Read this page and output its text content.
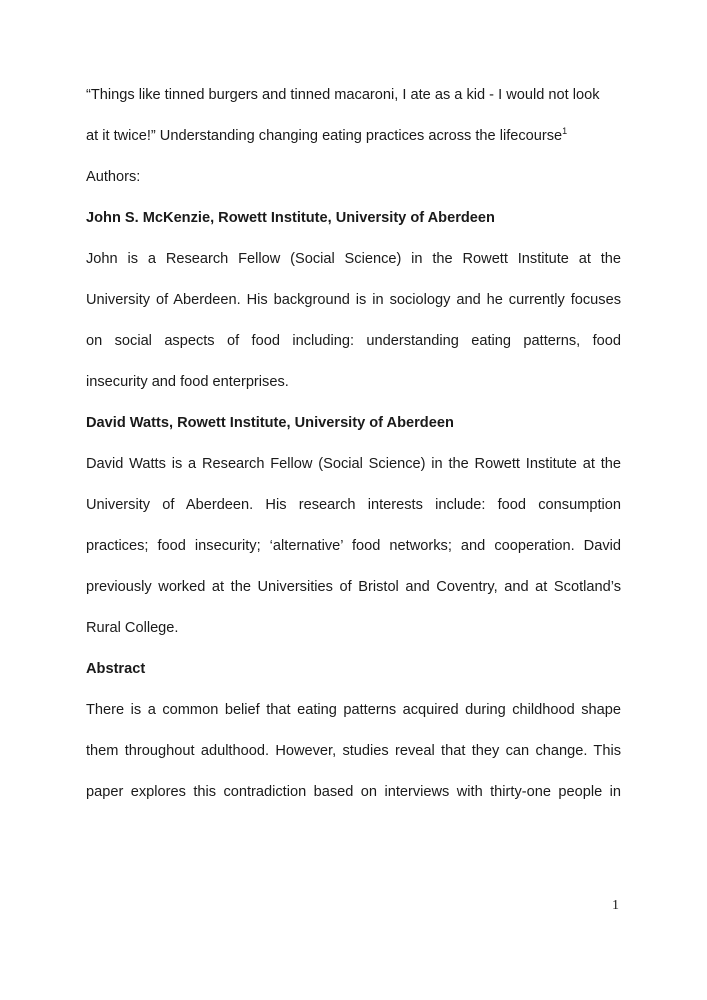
“Things like tinned burgers and tinned macaroni, I ate as a kid - I would not look
at it twice!” Understanding changing eating practices across the lifecourse$^1$
Authors:
John S. McKenzie, Rowett Institute, University of Aberdeen
John is a Research Fellow (Social Science) in the Rowett Institute at the
University of Aberdeen. His background is in sociology and he currently focuses
on social aspects of food including: understanding eating patterns, food
insecurity and food enterprises.
David Watts, Rowett Institute, University of Aberdeen
David Watts is a Research Fellow (Social Science) in the Rowett Institute at the
University of Aberdeen. His research interests include: food consumption
practices; food insecurity; ‘alternative’ food networks; and cooperation. David
previously worked at the Universities of Bristol and Coventry, and at Scotland’s
Rural College.
Abstract
There is a common belief that eating patterns acquired during childhood shape
them throughout adulthood. However, studies reveal that they can change. This
paper explores this contradiction based on interviews with thirty-one people in
1
